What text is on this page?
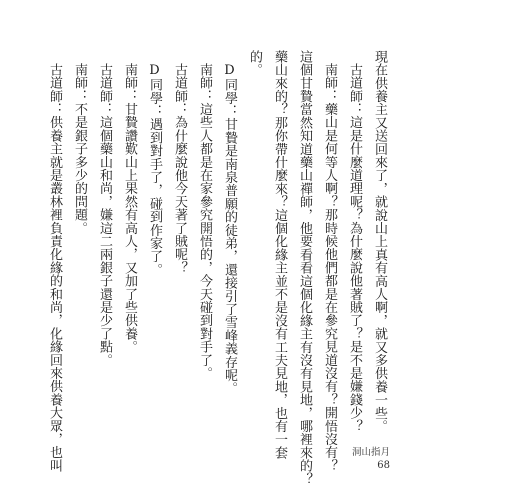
現在供養主又送回來了，就說山上真有高人啊，就又多供養一些。
古道師：這是什麼道理呢？為什麼說他著賊了？是不是嫌錢少？
南師：藥山是何等人啊？那時候他們都是在參究見道沒有？開悟沒有？
這個甘贄當然知道藥山禪師，他要看看這個化緣主有沒有見地，哪裡來的？
藥山來的？那你帶什麼來？這個化緣主並不是沒有工夫見地，也有一套
的。
D同學：甘贄是南泉普願的徒弟，還接引了雪峰義存呢。
南師：這些人都是在家參究開悟的，今天碰到對手了。
古道師：為什麼說他今天著了賊呢？
D同學：遇到對手了，碰到作家了。
南師：甘贄讚歎山上果然有高人，又加了些供養。
古道師：這個藥山和尚，嫌這二兩銀子還是少了點。
南師：不是銀子多少的問題。
古道師：供養主就是叢林裡負責化緣的和尚，化緣回來供養大眾，也叫	洞山指月
68
